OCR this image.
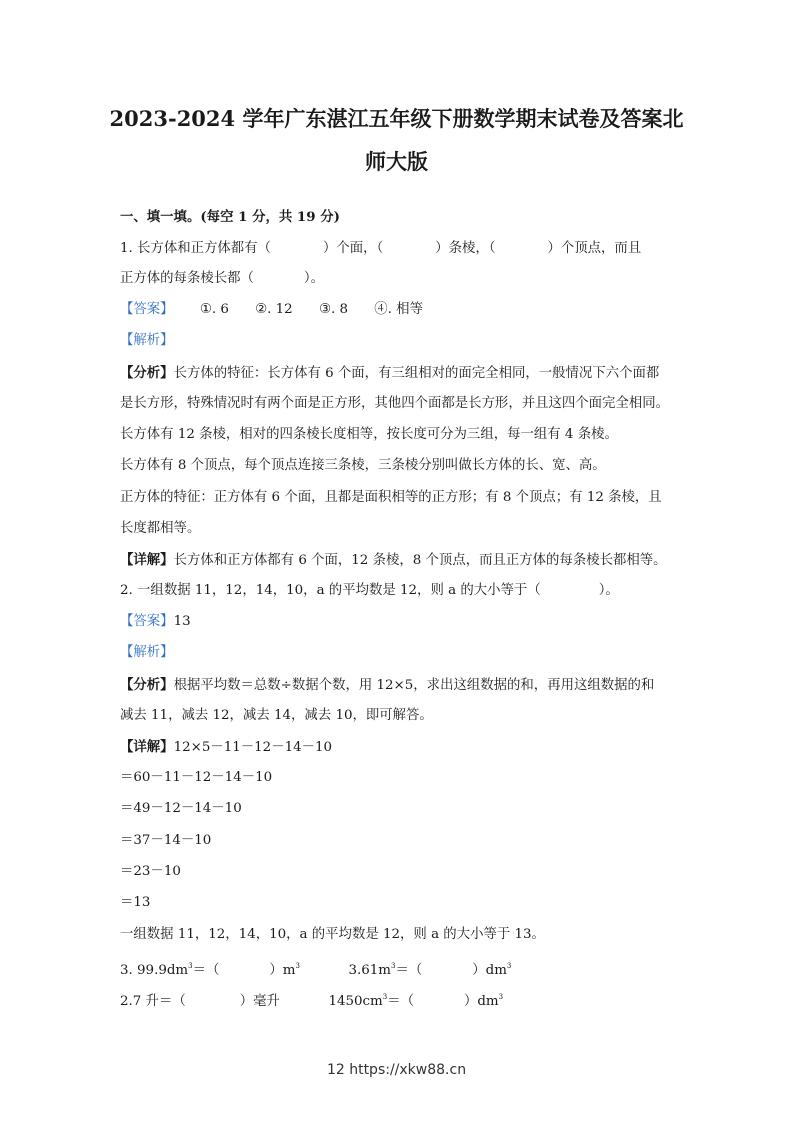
2023-2024 学年广东湛江五年级下册数学期末试卷及答案北
师大版
一、填一填。(每空 1 分，共 19 分)
1. 长方体和正方体都有（	）个面，（	）条棱，（	）个顶点，而且
正方体的每条棱长都（	）。
【答案】 ①. 6 ②. 12 ③. 8 ④. 相等
【解析】
【分析】长方体的特征：长方体有 6 个面，有三组相对的面完全相同，一般情况下六个面都
是长方形，特殊情况时有两个面是正方形，其他四个面都是长方形，并且这四个面完全相同。
长方体有 12 条棱，相对的四条棱长度相等，按长度可分为三组，每一组有 4 条棱。
长方体有 8 个顶点，每个顶点连接三条棱，三条棱分别叫做长方体的长、宽、高。
正方体的特征：正方体有 6 个面，且都是面积相等的正方形；有 8 个顶点；有 12 条棱，且
长度都相等。
【详解】长方体和正方体都有 6 个面，12 条棱，8 个顶点，而且正方体的每条棱长都相等。
2. 一组数据 11，12，14，10，a 的平均数是 12，则 a 的大小等于（	）。
【答案】13
【解析】
【分析】根据平均数＝总数÷数据个数，用 12×5，求出这组数据的和，再用这组数据的和
减去 11，减去 12，减去 14，减去 10，即可解答。
【详解】12×5－11－12－14－10
＝60－11－12－14－10
＝49－12－14－10
＝37－14－10
＝23－10
＝13
一组数据 11，12，14，10，a 的平均数是 12，则 a 的大小等于 13。
3. $99.9dm^3=$（	）$m^3$	$3.61m^3=$（	）$dm^3$
2.7 升＝（	）毫升	$1450cm^3=$（	）$dm^3$
12 https://xkw88.cn
